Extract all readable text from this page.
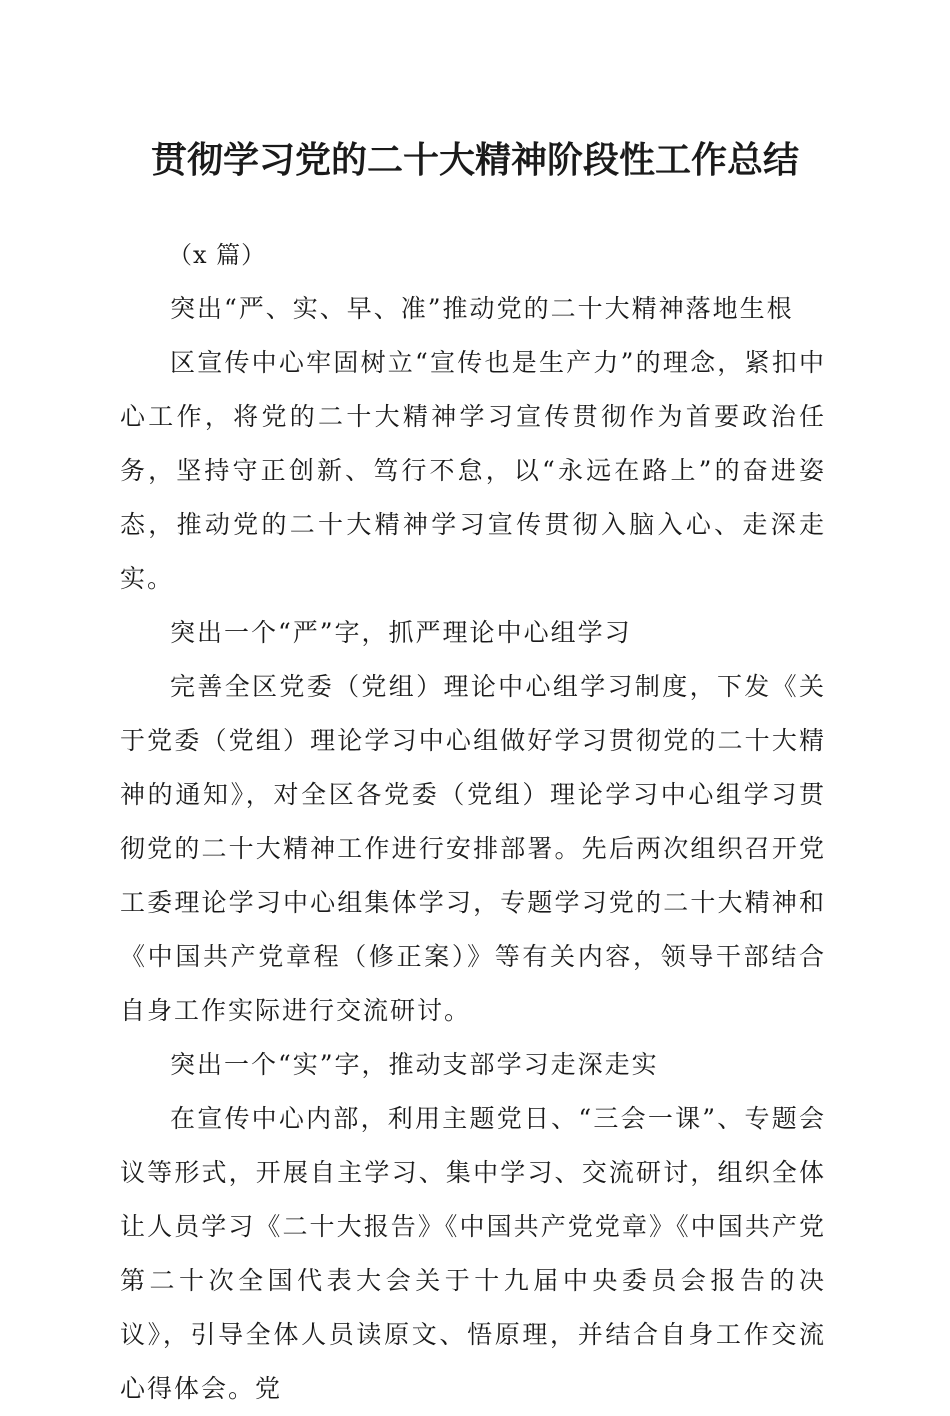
贯彻学习党的二十大精神阶段性工作总结

（x 篇）

突出“严、实、早、准”推动党的二十大精神落地生根

区宣传中心牢固树立“宣传也是生产力”的理念，紧扣中心工作，将党的二十大精神学习宣传贯彻作为首要政治任务，坚持守正创新、笃行不怠，以“永远在路上”的奋进姿态，推动党的二十大精神学习宣传贯彻入脑入心、走深走实。

突出一个“严”字，抓严理论中心组学习

完善全区党委（党组）理论中心组学习制度，下发《关于党委（党组）理论学习中心组做好学习贯彻党的二十大精神的通知》，对全区各党委（党组）理论学习中心组学习贯彻党的二十大精神工作进行安排部署。先后两次组织召开党工委理论学习中心组集体学习，专题学习党的二十大精神和《中国共产党章程（修正案）》等有关内容，领导干部结合自身工作实际进行交流研讨。

突出一个“实”字，推动支部学习走深走实

在宣传中心内部，利用主题党日、“三会一课”、专题会议等形式，开展自主学习、集中学习、交流研讨，组织全体让人员学习《二十大报告》《中国共产党党章》《中国共产党第二十次全国代表大会关于十九届中央委员会报告的决议》，引导全体人员读原文、悟原理，并结合自身工作交流心得体会。党
